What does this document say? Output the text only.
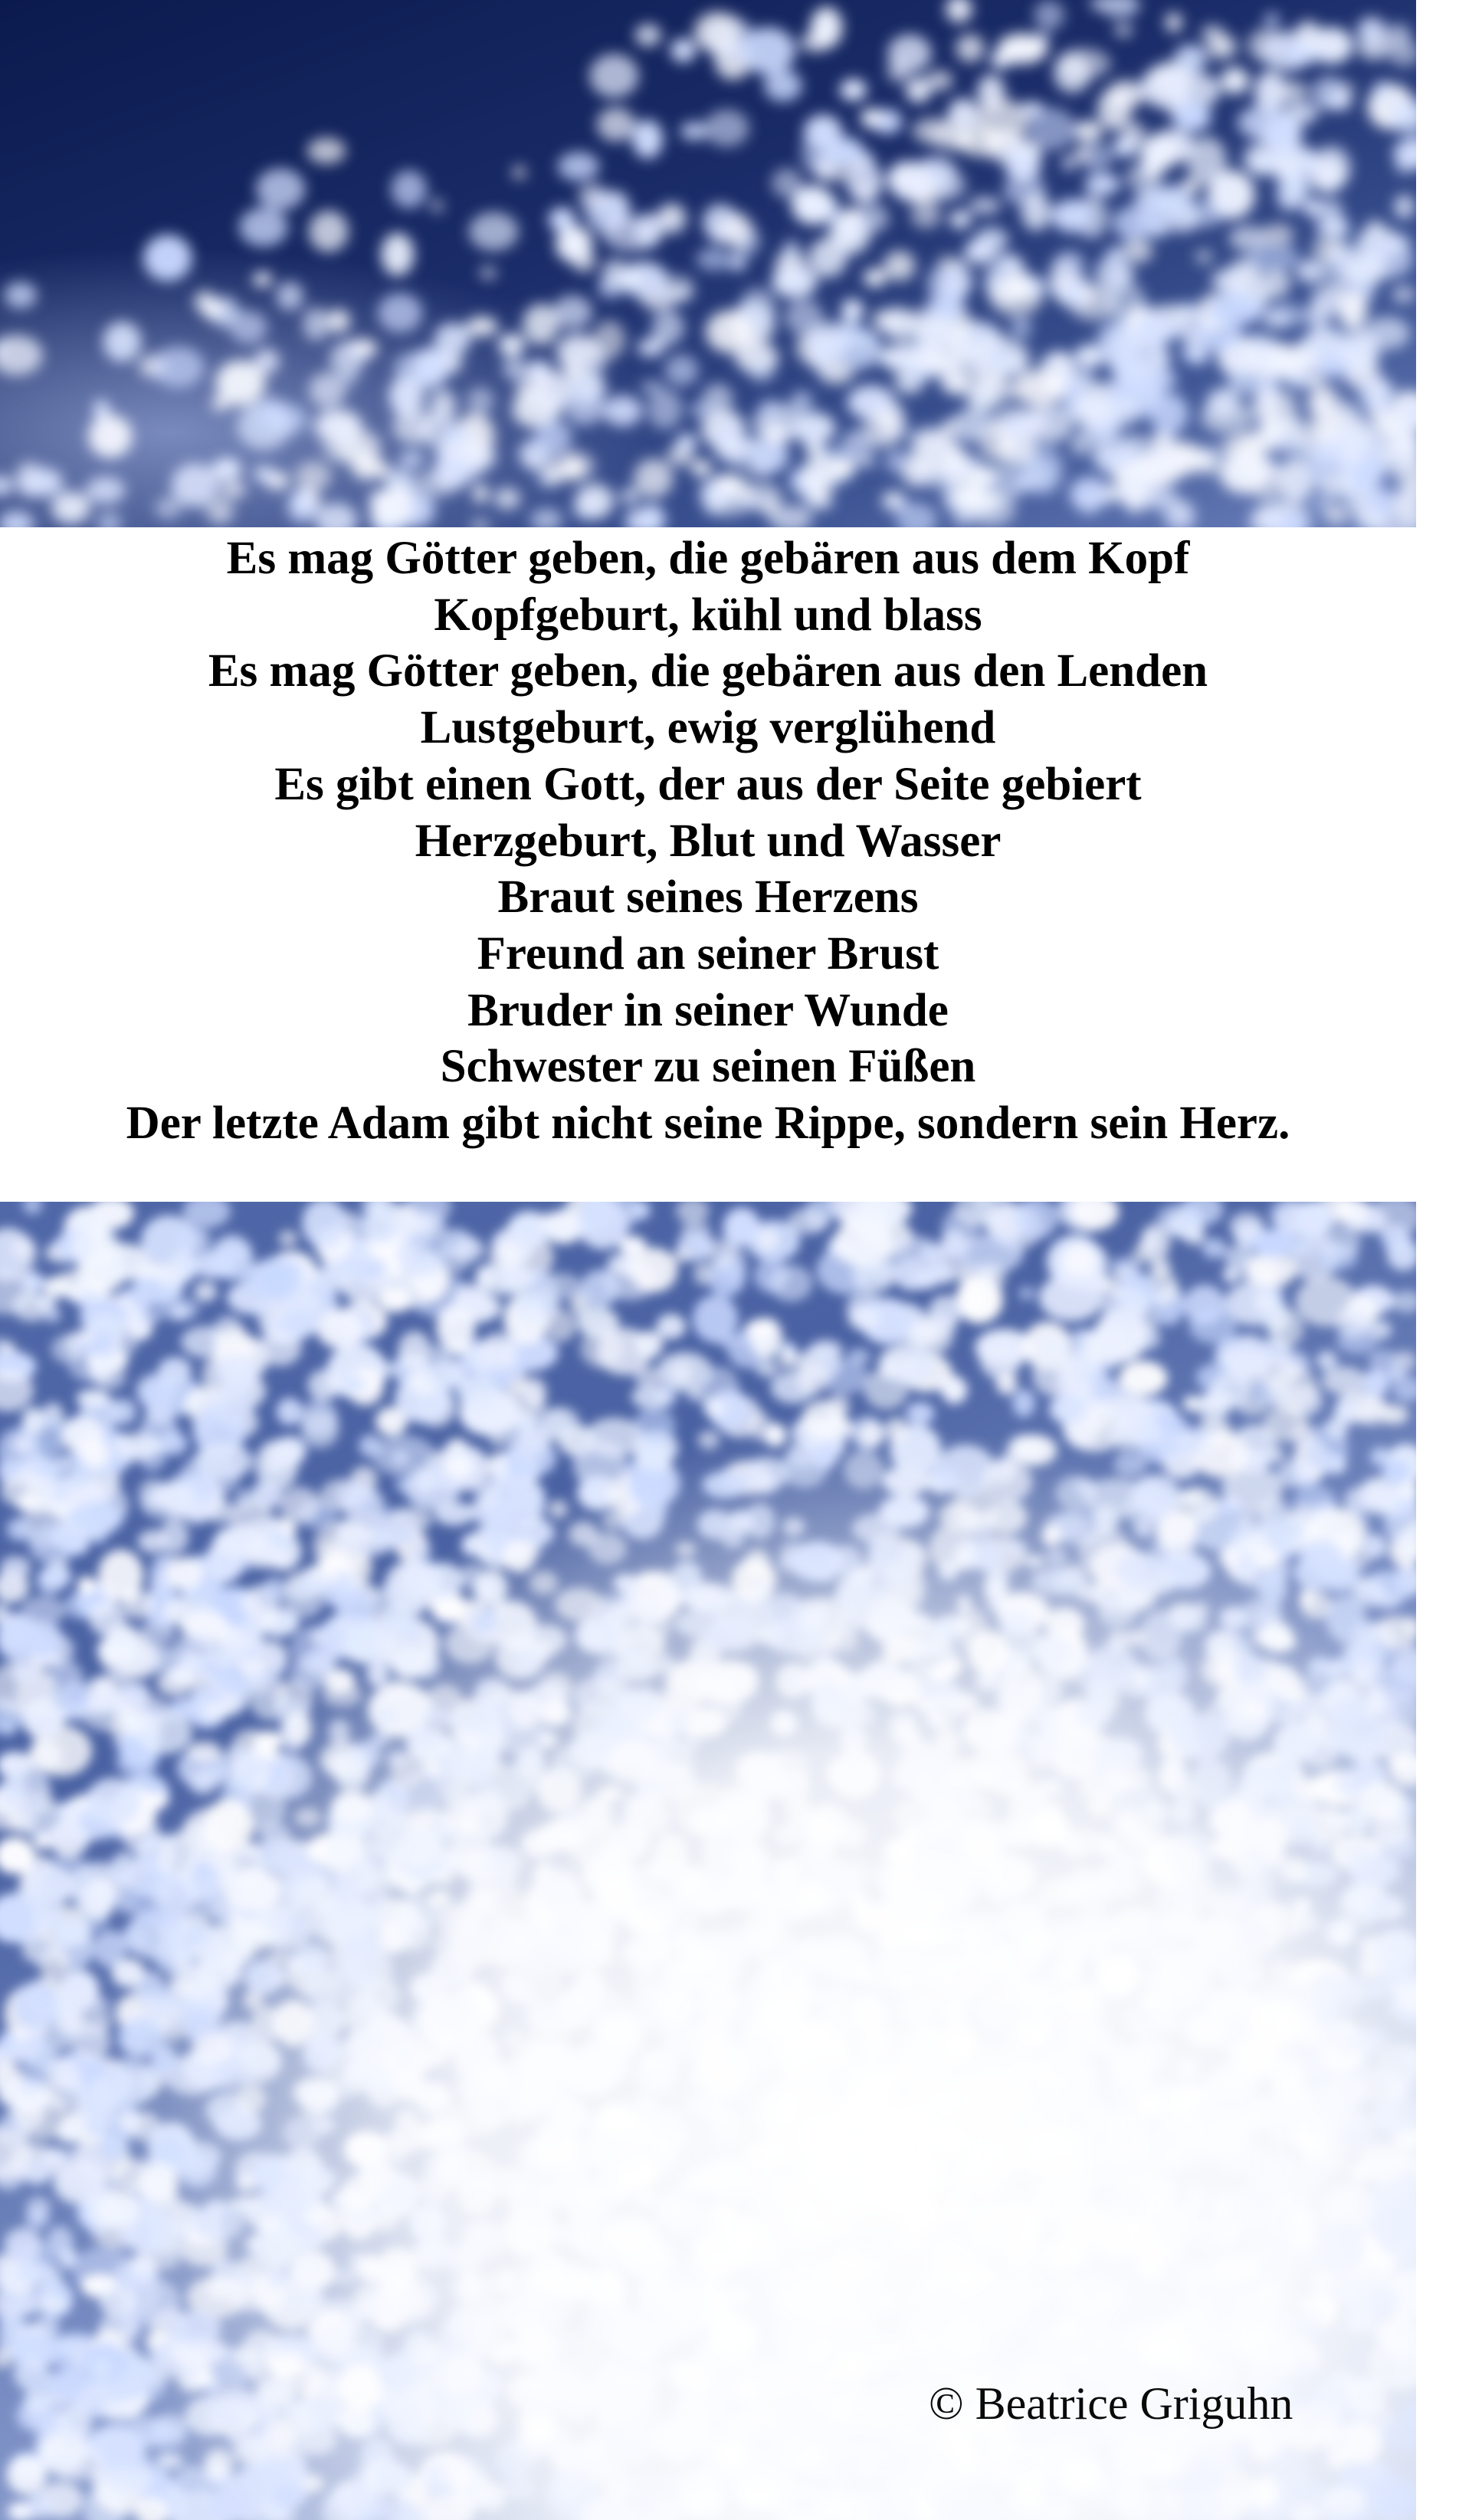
Es mag Götter geben, die gebären aus dem Kopf
Kopfgeburt, kühl und blass
Es mag Götter geben, die gebären aus den Lenden
Lustgeburt, ewig verglühend
Es gibt einen Gott, der aus der Seite gebiert
Herzgeburt, Blut und Wasser
Braut seines Herzens
Freund an seiner Brust
Bruder in seiner Wunde
Schwester zu seinen Füßen
Der letzte Adam gibt nicht seine Rippe, sondern sein Herz.
© Beatrice Griguhn
